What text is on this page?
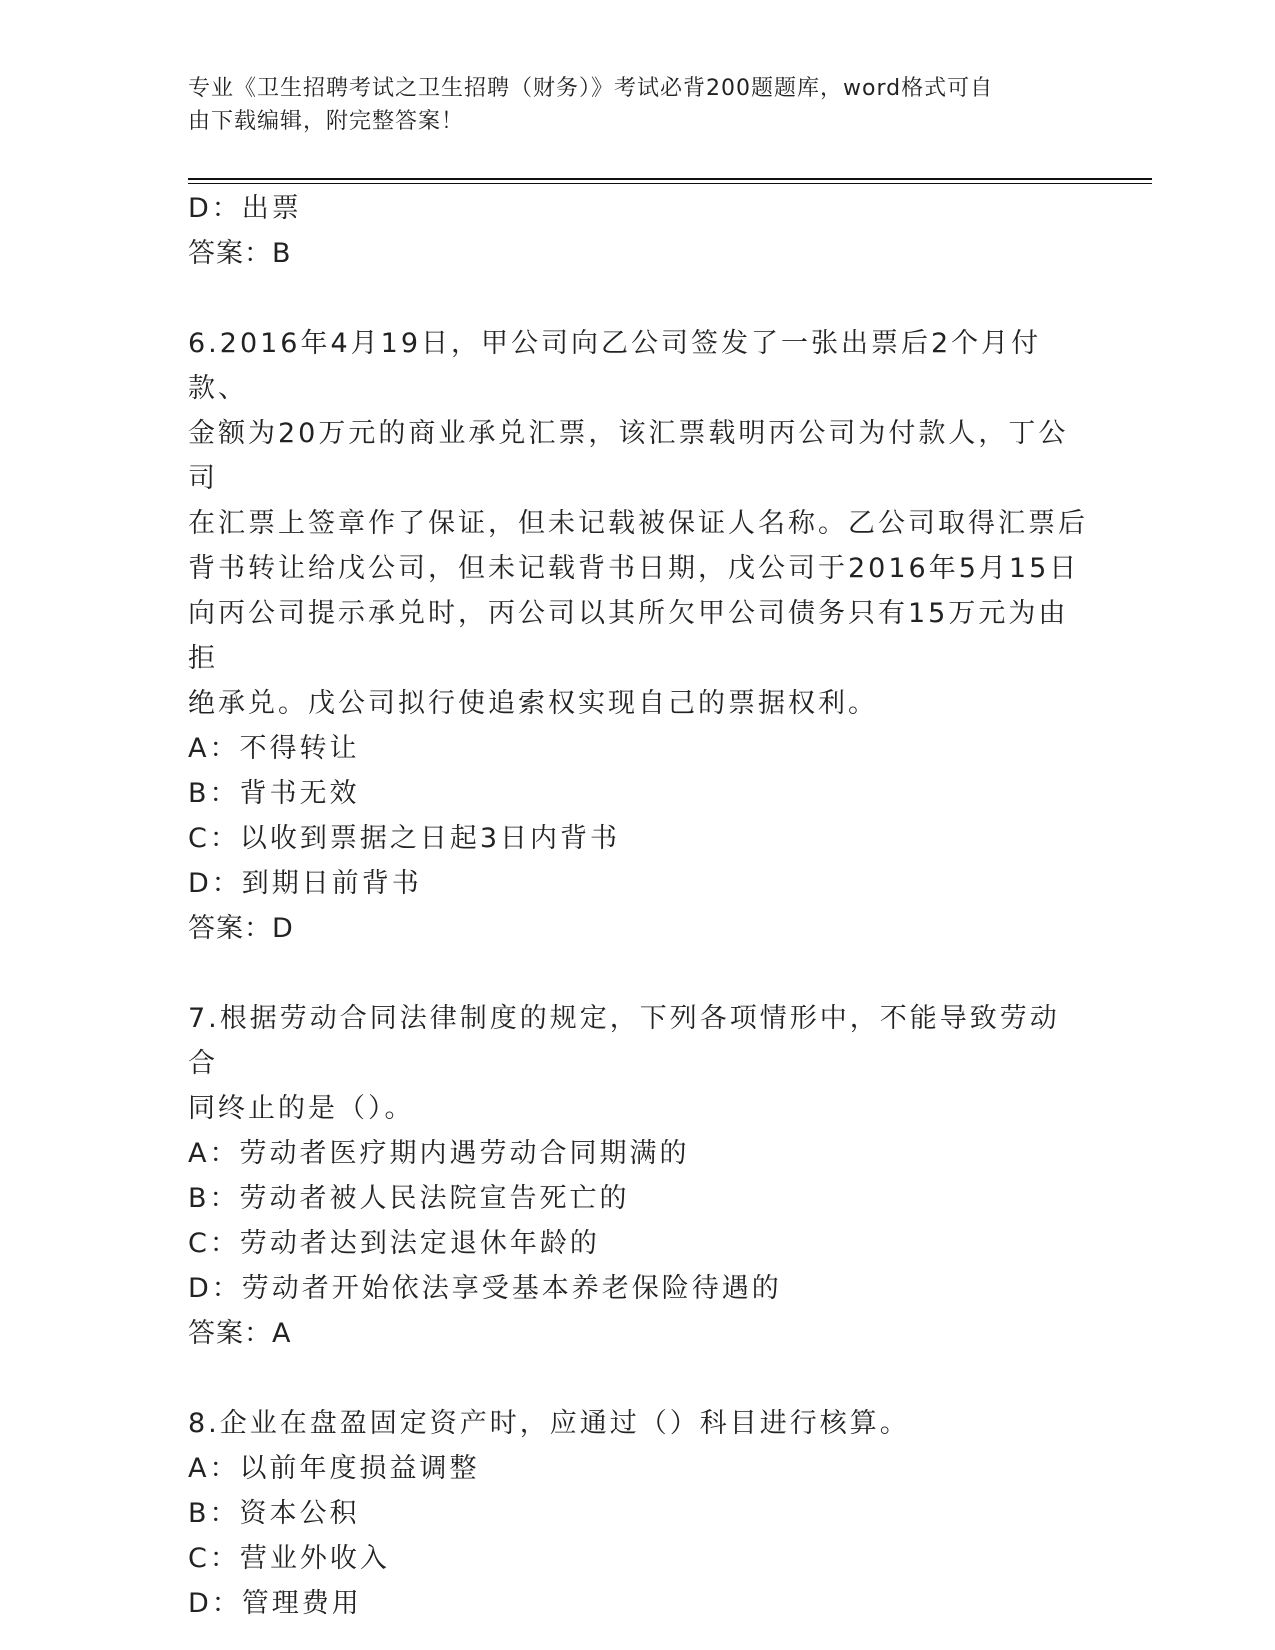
专业《卫生招聘考试之卫生招聘（财务）》考试必背200题题库，word格式可自
由下载编辑，附完整答案！
D：出票
答案：B
6.2016年4月19日，甲公司向乙公司签发了一张出票后2个月付款、
金额为20万元的商业承兑汇票，该汇票载明丙公司为付款人，丁公司
在汇票上签章作了保证，但未记载被保证人名称。乙公司取得汇票后
背书转让给戊公司，但未记载背书日期，戊公司于2016年5月15日
向丙公司提示承兑时，丙公司以其所欠甲公司债务只有15万元为由拒
绝承兑。戊公司拟行使追索权实现自己的票据权利。
A：不得转让
B：背书无效
C：以收到票据之日起3日内背书
D：到期日前背书
答案：D
7.根据劳动合同法律制度的规定，下列各项情形中，不能导致劳动合
同终止的是（）。
A：劳动者医疗期内遇劳动合同期满的
B：劳动者被人民法院宣告死亡的
C：劳动者达到法定退休年龄的
D：劳动者开始依法享受基本养老保险待遇的
答案：A
8.企业在盘盈固定资产时，应通过（）科目进行核算。
A：以前年度损益调整
B：资本公积
C：营业外收入
D：管理费用
